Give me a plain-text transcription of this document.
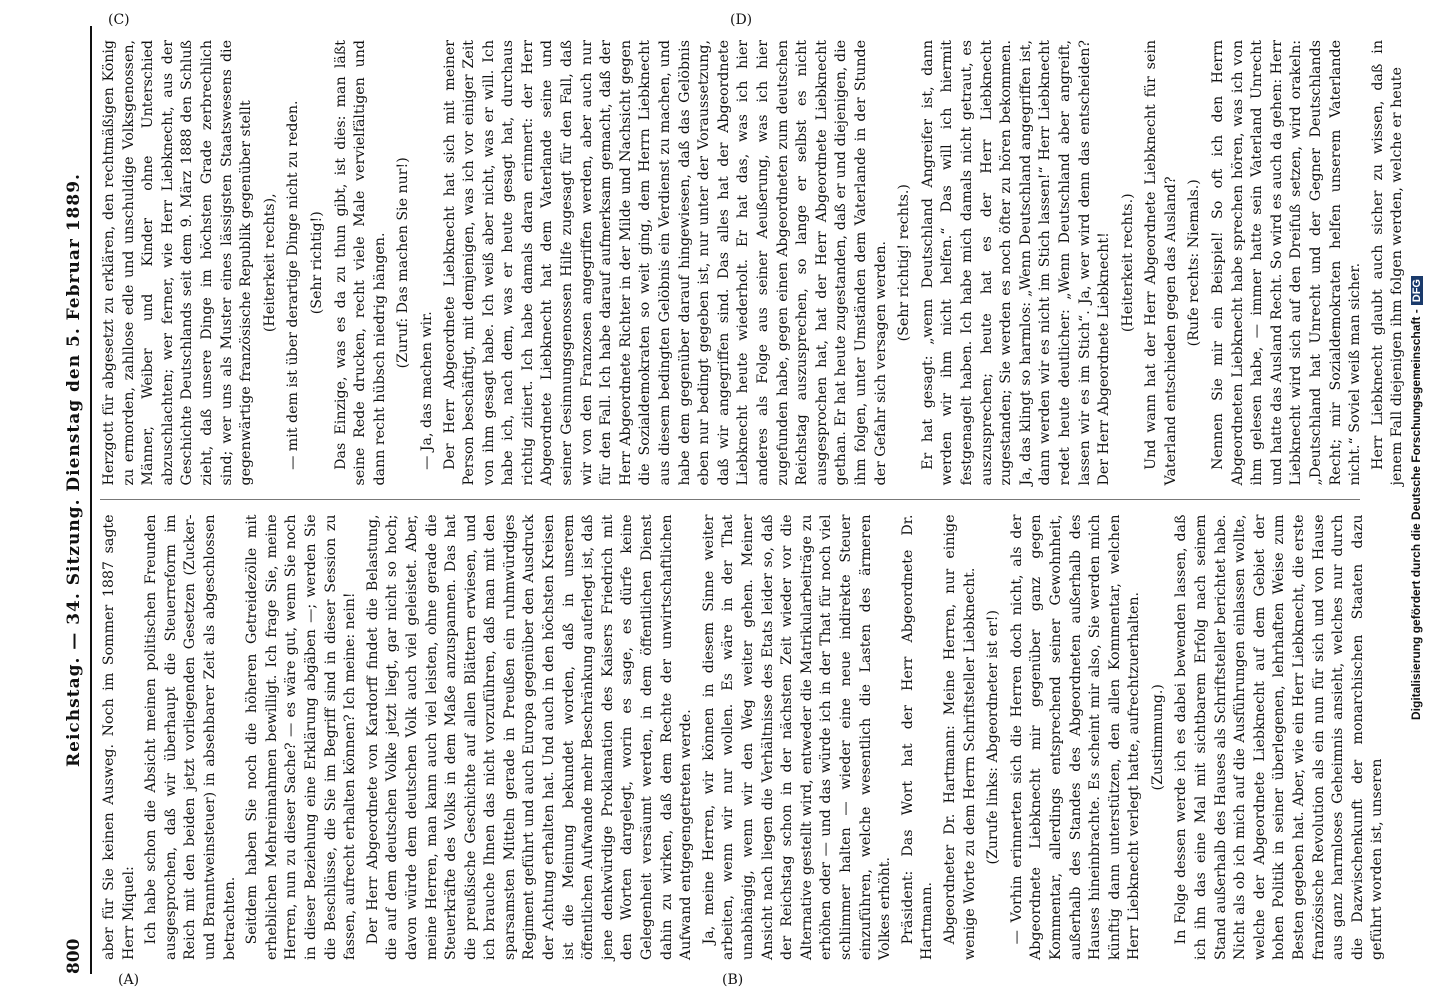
800
Reichstag. — 34. Sitzung. Dienstag den 5. Februar 1889. aber für Sie keinen Ausweg. Noch im Sommer 1887 sagte Herr Miquel: Ich habe schon die Absicht meinen politischen Freunden ausgesprochen, daß wir überhaupt die Steuerreform im Reich mit den beiden jetzt vorliegenden Gesetzen (Zucker- und Branntweinsteuer) in absehbarer Zeit als abgeschlossen betrachten. Seitdem haben Sie noch die höheren Getreidezölle mit erheblichen Mehreinnahmen bewilligt. Ich frage Sie, meine Herren, nun zu dieser Sache? — es wäre gut, wenn Sie noch in dieser Beziehung eine Erklärung abgäben —; werden Sie die Beschlüsse, die Sie im Begriff sind in dieser Session zu fassen, aufrecht erhalten können? Ich meine: nein! Der Herr Abgeordnete von Kardorff findet die Belastung, die auf dem deutschen Volke jetzt liegt, gar nicht so hoch; davon würde dem deutschen Volk auch viel geleistet. Aber, meine Herren, man kann auch viel leisten, ohne gerade die Steuerkräfte des Volks in dem Maße anzuspannen. Das hat die preußische Geschichte auf allen Blättern erwiesen, und ich brauche Ihnen das nicht vorzuführen, daß man mit den sparsamsten Mitteln gerade in Preußen ein ruhmwürdiges Regiment geführt und auch Europa gegenüber den Ausdruck der Achtung erhalten hat. Und auch in den höchsten Kreisen ist die Meinung bekundet worden, daß in unserem öffentlichen Aufwande mehr Beschränkung auferlegt ist, daß jene denkwürdige Proklamation des Kaisers Friedrich mit den Worten dargelegt, worin es sage, es dürfe keine Gelegenheit versäumt werden, in dem öffentlichen Dienst dahin zu wirken, daß dem Rechte der unwirtschaftlichen Aufwand entgegengetreten werde. Ja, meine Herren, wir können in diesem Sinne weiter arbeiten, wenn wir nur wollen. Es wäre in der That unabhängig, wenn wir den Weg weiter gehen. Meiner Ansicht nach liegen die Verhältnisse des Etats leider so, daß der Reichstag schon in der nächsten Zeit wieder vor die Alternative gestellt wird, entweder die Matrikularbeiträge zu erhöhen oder — und das würde ich in der That für noch viel schlimmer halten — wieder eine neue indirekte Steuer einzuführen, welche wesentlich die Lasten des ärmeren Volkes erhöht. Präsident: Das Wort hat der Herr Abgeordnete Dr. Hartmann. Abgeordneter Dr. Hartmann: Meine Herren, nur einige wenige Worte zu dem Herrn Schriftsteller Liebknecht. (Zurufe links: Abgeordneter ist er!) — Vorhin erinnerten sich die Herren doch nicht, als der Abgeordnete Liebknecht mir gegenüber ganz gegen Kommentar, allerdings entsprechend seiner Gewohnheit, außerhalb des Standes des Abgeordneten außerhalb des Hauses hineinbrachte. Es scheint mir also, Sie werden mich künftig dann unterstützen, den allen Kommentar, welchen Herr Liebknecht verlegt hatte, aufrechtzuerhalten. (Zustimmung.) In Folge dessen werde ich es dabei bewenden lassen, daß ich ihn das eine Mal mit sichtbarem Erfolg nach seinem Stand außerhalb des Hauses als Schriftsteller berichtet habe. Nicht als ob ich mich auf die Ausführungen einlassen wollte, welche der Abgeordnete Liebknecht auf dem Gebiet der hohen Politik in seiner überlegenen, lehrhaften Weise zum Besten gegeben hat. Aber, wie ein Herr Liebknecht, die erste französische Revolution als ein nun für sich und von Hause aus ganz harmloses Geheimnis ansieht, welches nur durch die Dazwischenkunft der monarchischen Staaten dazu geführt worden ist, unseren

Herzgott für abgesetzt zu erklären, den rechtmäßigen König zu ermorden, zahllose edle und unschuldige Volksgenossen, Männer, Weiber und Kinder ohne Unterschied abzuschlachten; wer ferner, wie Herr Liebknecht, aus der Geschichte Deutschlands seit dem 9. März 1888 den Schluß zieht, daß unsere Dinge im höchsten Grade zerbrechlich sind; wer uns als Muster eines lässigsten Staatswesens die gegenwärtige französische Republik gegenüber stellt (Heiterkeit rechts), — mit dem ist über derartige Dinge nicht zu reden. (Sehr richtig!) Das Einzige, was es da zu thun gibt, ist dies: man läßt seine Rede drucken, recht viele Male vervielfältigen und dann recht hübsch niedrig hängen. (Zuruf: Das machen Sie nur!)

— Ja, das machen wir. Der Herr Abgeordnete Liebknecht hat sich mit meiner Person beschäftigt, mit demjenigen, was ich vor einiger Zeit von ihm gesagt habe. Ich weiß aber nicht, was er will. Ich habe ich, nach dem, was er heute gesagt hat, durchaus richtig zitiert. Ich habe damals daran erinnert: der Herr Abgeordnete Liebknecht hat dem Vaterlande seine und seiner Gesinnungsgenossen Hilfe zugesagt für den Fall, daß wir von den Franzosen angegriffen werden, aber auch nur für den Fall. Ich habe darauf aufmerksam gemacht, daß der Herr Abgeordnete Richter in der Milde und Nachsicht gegen die Sozialdemokraten so weit ging, dem Herrn Liebknecht aus diesem bedingten Gelöbnis ein Verdienst zu machen, und habe dem gegenüber darauf hingewiesen, daß das Gelöbnis eben nur bedingt gegeben ist, nur unter der Voraussetzung, daß wir angegriffen sind. Das alles hat der Abgeordnete Liebknecht heute wiederholt. Er hat das, was ich hier anderes als Folge aus seiner Aeußerung, was ich hier zugefunden habe, gegen einen Abgeordneten zum deutschen Reichstag auszusprechen, so lange er selbst es nicht ausgesprochen hat, hat der Herr Abgeordnete Liebknecht gethan. Er hat heute zugestanden, daß er und diejenigen, die ihm folgen, unter Umständen dem Vaterlande in der Stunde der Gefahr sich versagen werden. (Sehr richtig! rechts.) Er hat gesagt: „wenn Deutschland Angreifer ist, dann werden wir ihm nicht helfen.“ Das will ich hiermit festgenagelt haben. Ich habe mich damals nicht getraut, es auszusprechen; heute hat es der Herr Liebknecht zugestanden; Sie werden es noch öfter zu hören bekommen. Ja, das klingt so harmlos: „Wenn Deutschland angegriffen ist, dann werden wir es nicht im Stich lassen!“ Herr Liebknecht redet heute deutlicher: „Wenn Deutschland aber angreift, lassen wir es im Stich“. Ja, wer wird denn das entscheiden? Der Herr Abgeordnete Liebknecht! (Heiterkeit rechts.) Und wann hat der Herr Abgeordnete Liebknecht für sein Vaterland entschieden gegen das Ausland? (Rufe rechts: Niemals.) Nennen Sie mir ein Beispiel! So oft ich den Herrn Abgeordneten Liebknecht habe sprechen hören, was ich von ihm gelesen habe, — immer hatte sein Vaterland Unrecht und hatte das Ausland Recht. So wird es auch da gehen: Herr Liebknecht wird sich auf den Dreifuß setzen, wird orakeln: „Deutschland hat Unrecht und der Gegner Deutschlands Recht; mir Sozialdemokraten helfen unserem Vaterlande nicht.“ Soviel weiß man sicher. Herr Liebknecht glaubt auch sicher zu wissen, daß in jenem Fall diejenigen ihm folgen werden, welche er heute

Digitalisierung gefördert durch die Deutsche Forschungsgemeinschaft -DFG
(A)	(B)
(C)	(D)
